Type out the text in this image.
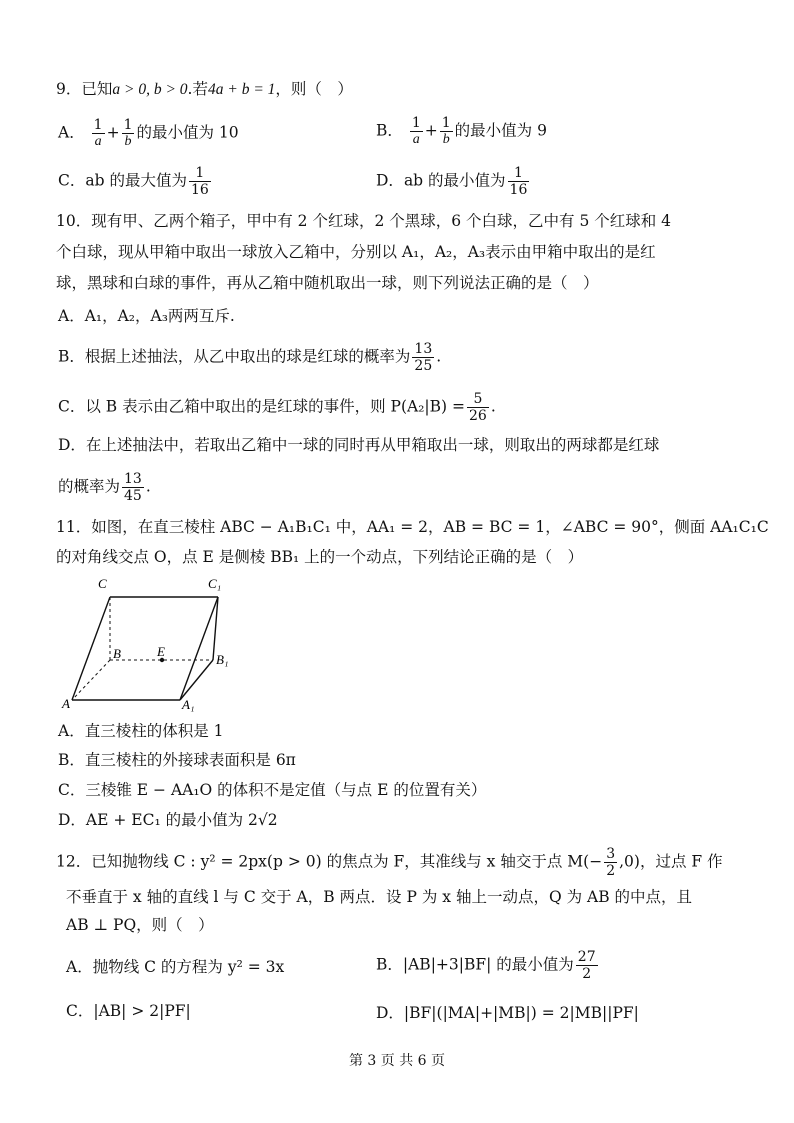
9．已知a > 0, b > 0.若4a + b = 1，则（　）
A． $\frac{1}{a} + \frac{1}{b}$ 的最小值为 10	B． $\frac{1}{a} + \frac{1}{b}$ 的最小值为 9
C．ab 的最大值为 $\frac{1}{16}$	D．ab 的最小值为 $\frac{1}{16}$
10．现有甲、乙两个箱子，甲中有 2 个红球，2 个黑球，6 个白球，乙中有 5 个红球和 4
个白球，现从甲箱中取出一球放入乙箱中，分别以 A₁，A₂，A₃表示由甲箱中取出的是红
球，黑球和白球的事件，再从乙箱中随机取出一球，则下列说法正确的是（　）
A．A₁，A₂，A₃两两互斥.
B．根据上述抽法，从乙中取出的球是红球的概率为 $\frac{13}{25}$ .
C．以 B 表示由乙箱中取出的是红球的事件，则 $P(A_2|B) = \frac{5}{26}$ .
D．在上述抽法中，若取出乙箱中一球的同时再从甲箱取出一球，则取出的两球都是红球
的概率为 $\frac{13}{45}$ .
11．如图，在直三棱柱 ABC − A₁B₁C₁ 中，AA₁ = 2，AB = BC = 1，∠ABC = 90°，侧面 AA₁C₁C
的对角线交点 O，点 E 是侧棱 BB₁ 上的一个动点，下列结论正确的是（　）
C	C₁
B	E
B₁
A	A₁
A．直三棱柱的体积是 1
B．直三棱柱的外接球表面积是 6π
C．三棱锥 E − AA₁O 的体积不是定值（与点 E 的位置有关）
D．AE + EC₁ 的最小值为 2√2
12．已知抛物线 C : y² = 2px(p > 0) 的焦点为 F，其准线与 x 轴交于点 $M(- \frac{3}{2} ,0)$，过点 F 作
不垂直于 x 轴的直线 l 与 C 交于 A，B 两点．设 P 为 x 轴上一动点，Q 为 AB 的中点，且
AB ⊥ PQ，则（　）
A．抛物线 C 的方程为 y² = 3x	B．|AB|+3|BF| 的最小值为 $\frac{27}{2}$
C．|AB| > 2|PF|	D．|BF|(|MA|+|MB|) = 2|MB||PF|
第 3 页 共 6 页
